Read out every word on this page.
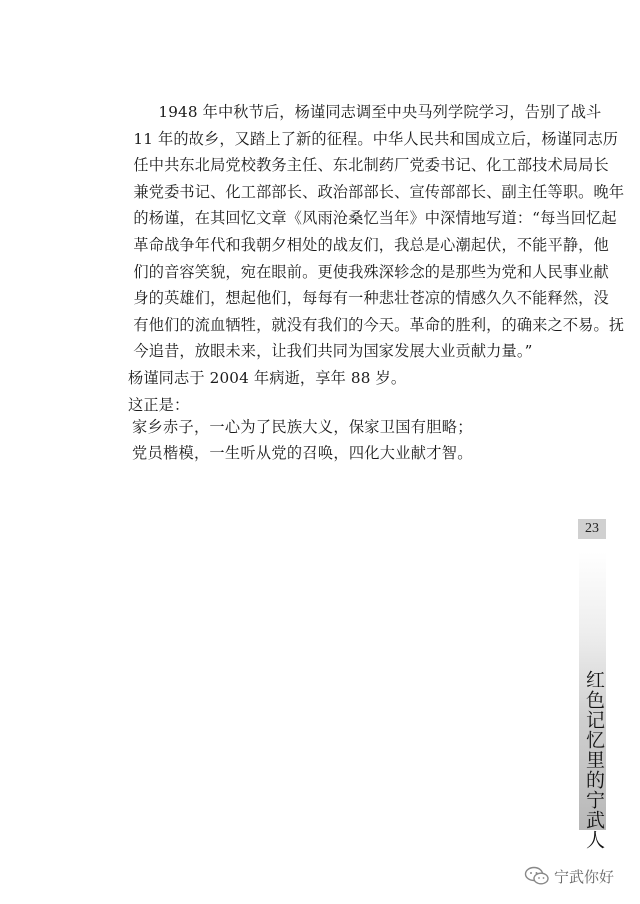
1948 年中秋节后，杨谨同志调至中央马列学院学习，告别了战斗
11 年的故乡，又踏上了新的征程。中华人民共和国成立后，杨谨同志历
任中共东北局党校教务主任、东北制药厂党委书记、化工部技术局局长
兼党委书记、化工部部长、政治部部长、宣传部部长、副主任等职。晚年
的杨谨，在其回忆文章《风雨沧桑忆当年》中深情地写道：“每当回忆起
革命战争年代和我朝夕相处的战友们，我总是心潮起伏，不能平静，他
们的音容笑貌，宛在眼前。更使我殊深轸念的是那些为党和人民事业献
身的英雄们，想起他们，每每有一种悲壮苍凉的情感久久不能释然，没
有他们的流血牺牲，就没有我们的今天。革命的胜利，的确来之不易。抚
今追昔，放眼未来，让我们共同为国家发展大业贡献力量。”
杨谨同志于 2004 年病逝，享年 88 岁。
这正是：
家乡赤子，一心为了民族大义，保家卫国有胆略；
党员楷模，一生听从党的召唤，四化大业献才智。
23
红色记忆里的宁武人
宁武你好
